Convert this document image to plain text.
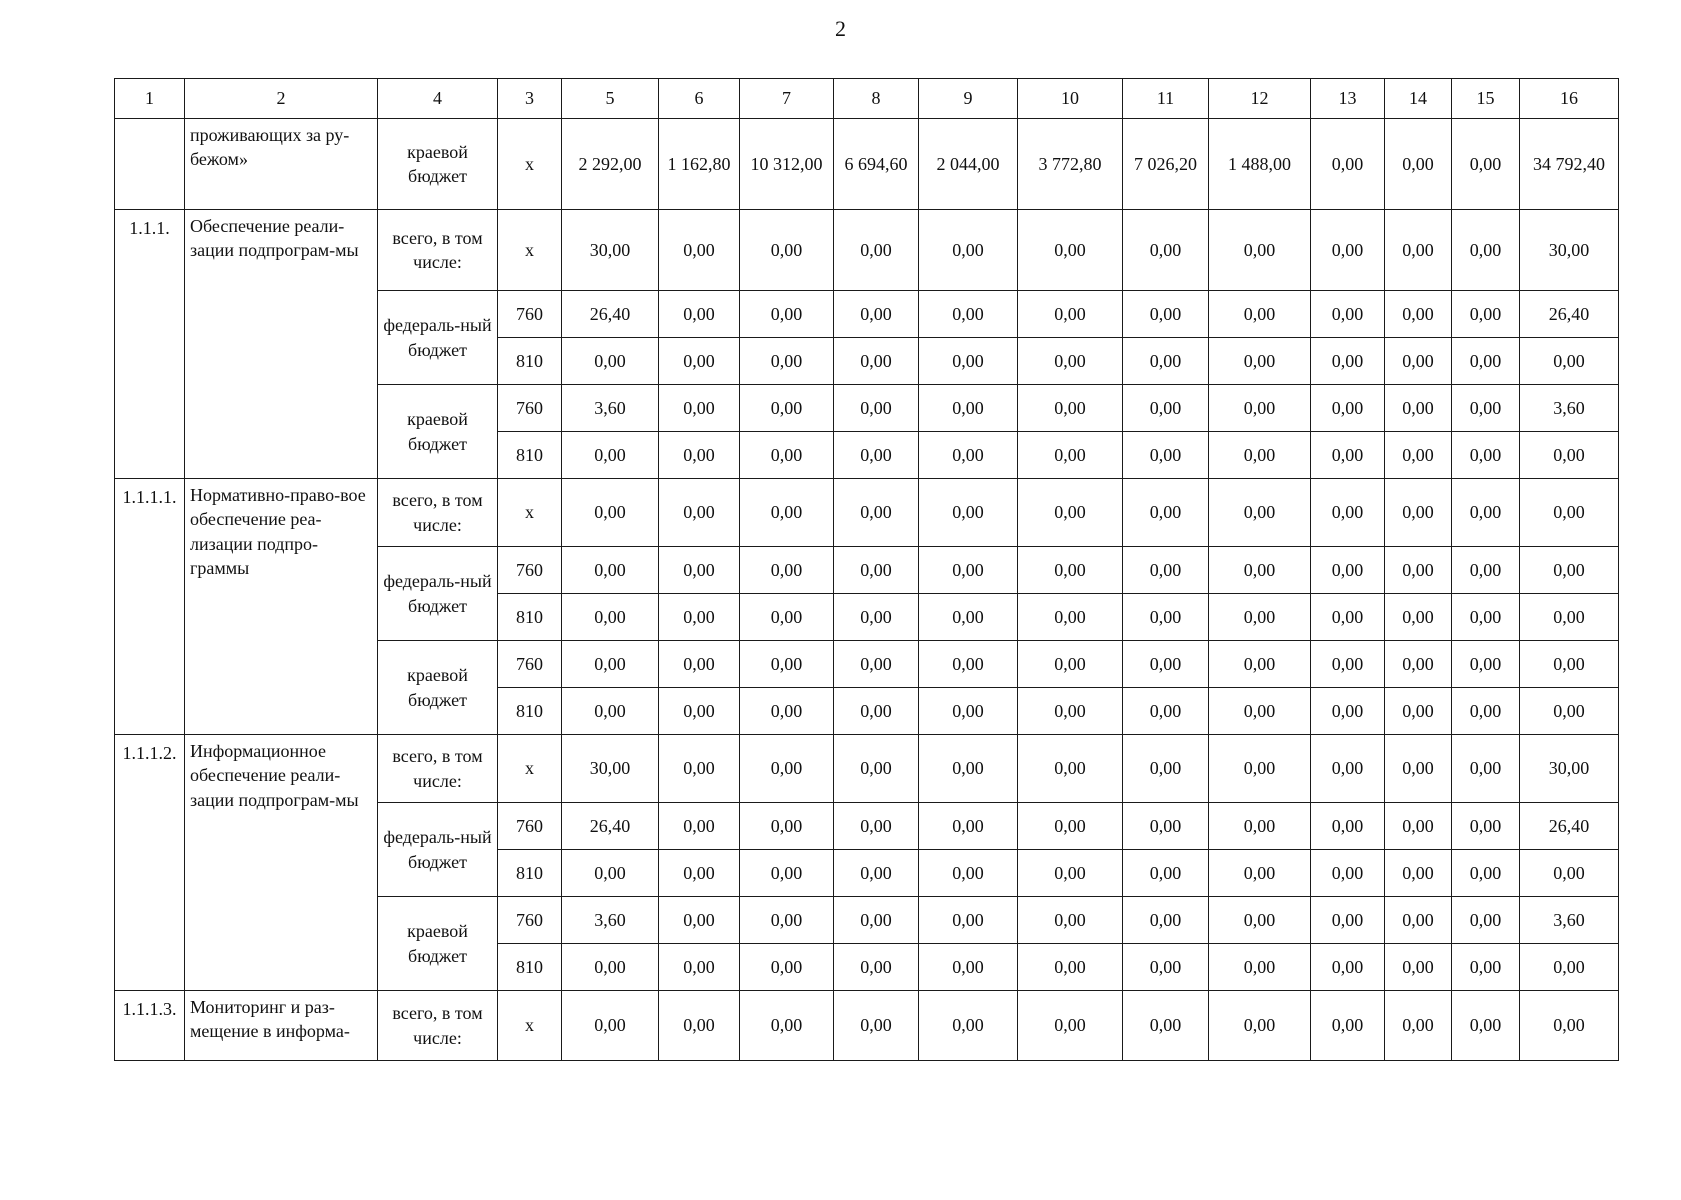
2
1	2	4	3	5	6	7	8	9	10	11	12	13	14	15	16
	проживающих за ру-бежом»	краевой бюджет	x	2 292,00	1 162,80	10 312,00	6 694,60	2 044,00	3 772,80	7 026,20	1 488,00	0,00	0,00	0,00	34 792,40
1.1.1.	Обеспечение реали-зации подпрограм-мы	всего, в том числе:	x	30,00	0,00	0,00	0,00	0,00	0,00	0,00	0,00	0,00	0,00	0,00	30,00
		федераль-ный бюджет	760	26,40	0,00	0,00	0,00	0,00	0,00	0,00	0,00	0,00	0,00	0,00	26,40
			810	0,00	0,00	0,00	0,00	0,00	0,00	0,00	0,00	0,00	0,00	0,00	0,00
		краевой бюджет	760	3,60	0,00	0,00	0,00	0,00	0,00	0,00	0,00	0,00	0,00	0,00	3,60
			810	0,00	0,00	0,00	0,00	0,00	0,00	0,00	0,00	0,00	0,00	0,00	0,00
1.1.1.1.	Нормативно-право-вое обеспечение реа-лизации подпро-граммы	всего, в том числе:	x	0,00	0,00	0,00	0,00	0,00	0,00	0,00	0,00	0,00	0,00	0,00	0,00
		федераль-ный бюджет	760	0,00	0,00	0,00	0,00	0,00	0,00	0,00	0,00	0,00	0,00	0,00	0,00
			810	0,00	0,00	0,00	0,00	0,00	0,00	0,00	0,00	0,00	0,00	0,00	0,00
		краевой бюджет	760	0,00	0,00	0,00	0,00	0,00	0,00	0,00	0,00	0,00	0,00	0,00	0,00
			810	0,00	0,00	0,00	0,00	0,00	0,00	0,00	0,00	0,00	0,00	0,00	0,00
1.1.1.2.	Информационное обеспечение реали-зации подпрограм-мы	всего, в том числе:	x	30,00	0,00	0,00	0,00	0,00	0,00	0,00	0,00	0,00	0,00	0,00	30,00
		федераль-ный бюджет	760	26,40	0,00	0,00	0,00	0,00	0,00	0,00	0,00	0,00	0,00	0,00	26,40
			810	0,00	0,00	0,00	0,00	0,00	0,00	0,00	0,00	0,00	0,00	0,00	0,00
		краевой бюджет	760	3,60	0,00	0,00	0,00	0,00	0,00	0,00	0,00	0,00	0,00	0,00	3,60
			810	0,00	0,00	0,00	0,00	0,00	0,00	0,00	0,00	0,00	0,00	0,00	0,00
1.1.1.3.	Мониторинг и раз-мещение в информа-	всего, в том числе:	x	0,00	0,00	0,00	0,00	0,00	0,00	0,00	0,00	0,00	0,00	0,00	0,00
